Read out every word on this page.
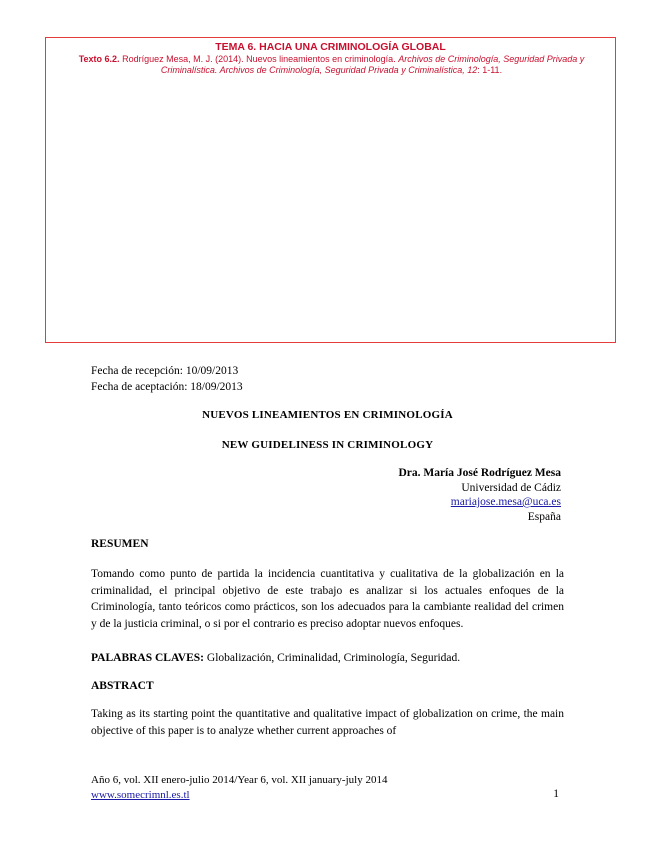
TEMA 6. HACIA UNA CRIMINOLOGÍA GLOBAL
Texto 6.2. Rodríguez Mesa, M. J. (2014). Nuevos lineamientos en criminología. Archivos de Criminología, Seguridad Privada y Criminalística. Archivos de Criminología, Seguridad Privada y Criminalística, 12: 1-11.
Fecha de recepción: 10/09/2013
Fecha de aceptación: 18/09/2013
NUEVOS LINEAMIENTOS EN CRIMINOLOGÍA
NEW GUIDELINESS IN CRIMINOLOGY
Dra. María José Rodríguez Mesa
Universidad de Cádiz
mariajose.mesa@uca.es
España
RESUMEN

Tomando como punto de partida la incidencia cuantitativa y cualitativa de la globalización en la criminalidad, el principal objetivo de este trabajo es analizar si los actuales enfoques de la Criminología, tanto teóricos como prácticos, son los adecuados para la cambiante realidad del crimen y de la justicia criminal, o si por el contrario es preciso adoptar nuevos enfoques.

PALABRAS CLAVES: Globalización, Criminalidad, Criminología, Seguridad.
ABSTRACT

Taking as its starting point the quantitative and qualitative impact of globalization on crime, the main objective of this paper is to analyze whether current approaches of

Año 6, vol. XII enero-julio 2014/Year 6, vol. XII january-july 2014
www.somecrimnl.es.tl	1
